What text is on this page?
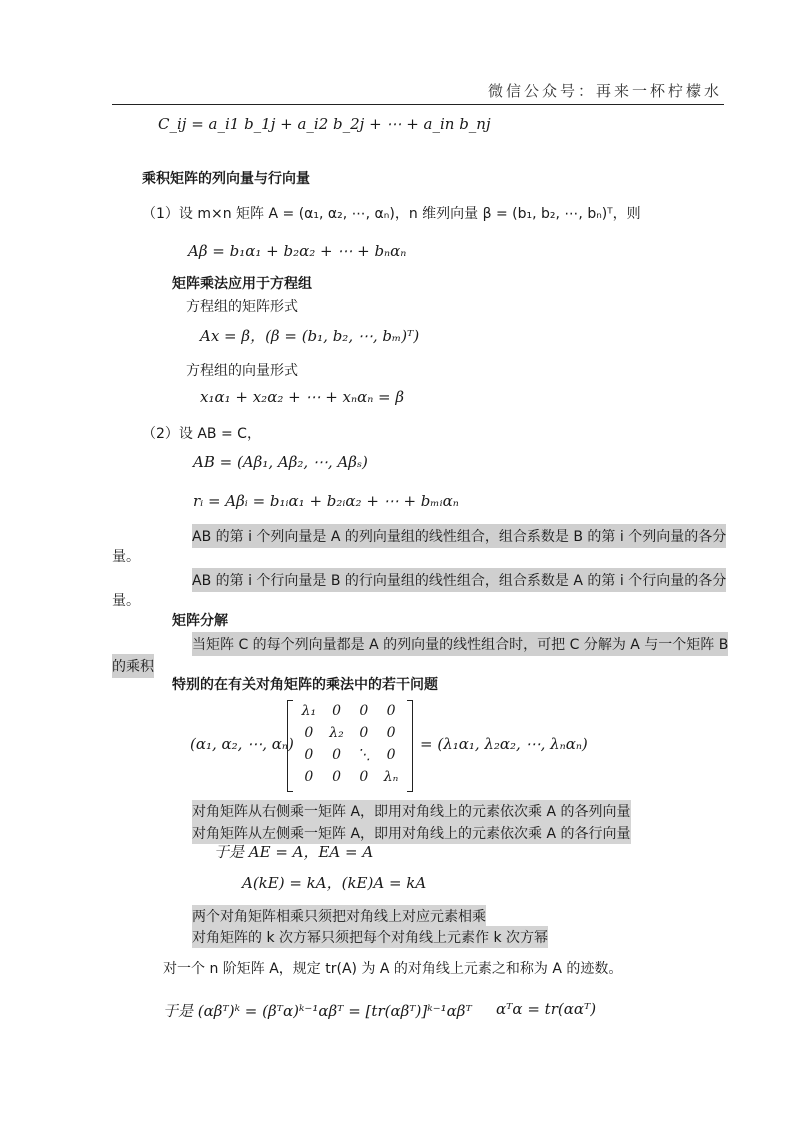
微信公众号：再来一杯柠檬水
C_ij = a_i1 b_1j + a_i2 b_2j + ⋯ + a_in b_nj
乘积矩阵的列向量与行向量
（1）设 m×n 矩阵 A = (α₁, α₂, ⋯, αₙ)，n 维列向量 β = (b₁, b₂, ⋯, bₙ)ᵀ，则
Aβ = b₁α₁ + b₂α₂ + ⋯ + bₙαₙ
矩阵乘法应用于方程组
方程组的矩阵形式
Ax = β，(β = (b₁, b₂, ⋯, bₘ)ᵀ)
方程组的向量形式
x₁α₁ + x₂α₂ + ⋯ + xₙαₙ = β
（2）设 AB = C，
AB = (Aβ₁, Aβ₂, ⋯, Aβₛ)
rᵢ = Aβᵢ = b₁ᵢα₁ + b₂ᵢα₂ + ⋯ + bₘᵢαₙ
AB 的第 i 个列向量是 A 的列向量组的线性组合，组合系数是 B 的第 i 个列向量的各分
量。
AB 的第 i 个行向量是 B 的行向量组的线性组合，组合系数是 A 的第 i 个行向量的各分
量。
矩阵分解
当矩阵 C 的每个列向量都是 A 的列向量的线性组合时，可把 C 分解为 A 与一个矩阵 B
的乘积
特别的在有关对角矩阵的乘法中的若干问题
(α₁, α₂, ⋯, αₙ)
λ₁	0	0	0
0	λ₂	0	0
0	0	⋱	0
0	0	0	λₙ
= (λ₁α₁, λ₂α₂, ⋯, λₙαₙ)
对角矩阵从右侧乘一矩阵 A，即用对角线上的元素依次乘 A 的各列向量
对角矩阵从左侧乘一矩阵 A，即用对角线上的元素依次乘 A 的各行向量
于是 AE = A，EA = A
A(kE) = kA，(kE)A = kA
两个对角矩阵相乘只须把对角线上对应元素相乘
对角矩阵的 k 次方幂只须把每个对角线上元素作 k 次方幂
对一个 n 阶矩阵 A，规定 tr(A) 为 A 的对角线上元素之和称为 A 的迹数。
于是 (αβᵀ)ᵏ = (βᵀα)ᵏ⁻¹αβᵀ = [tr(αβᵀ)]ᵏ⁻¹αβᵀ αᵀα = tr(ααᵀ)
